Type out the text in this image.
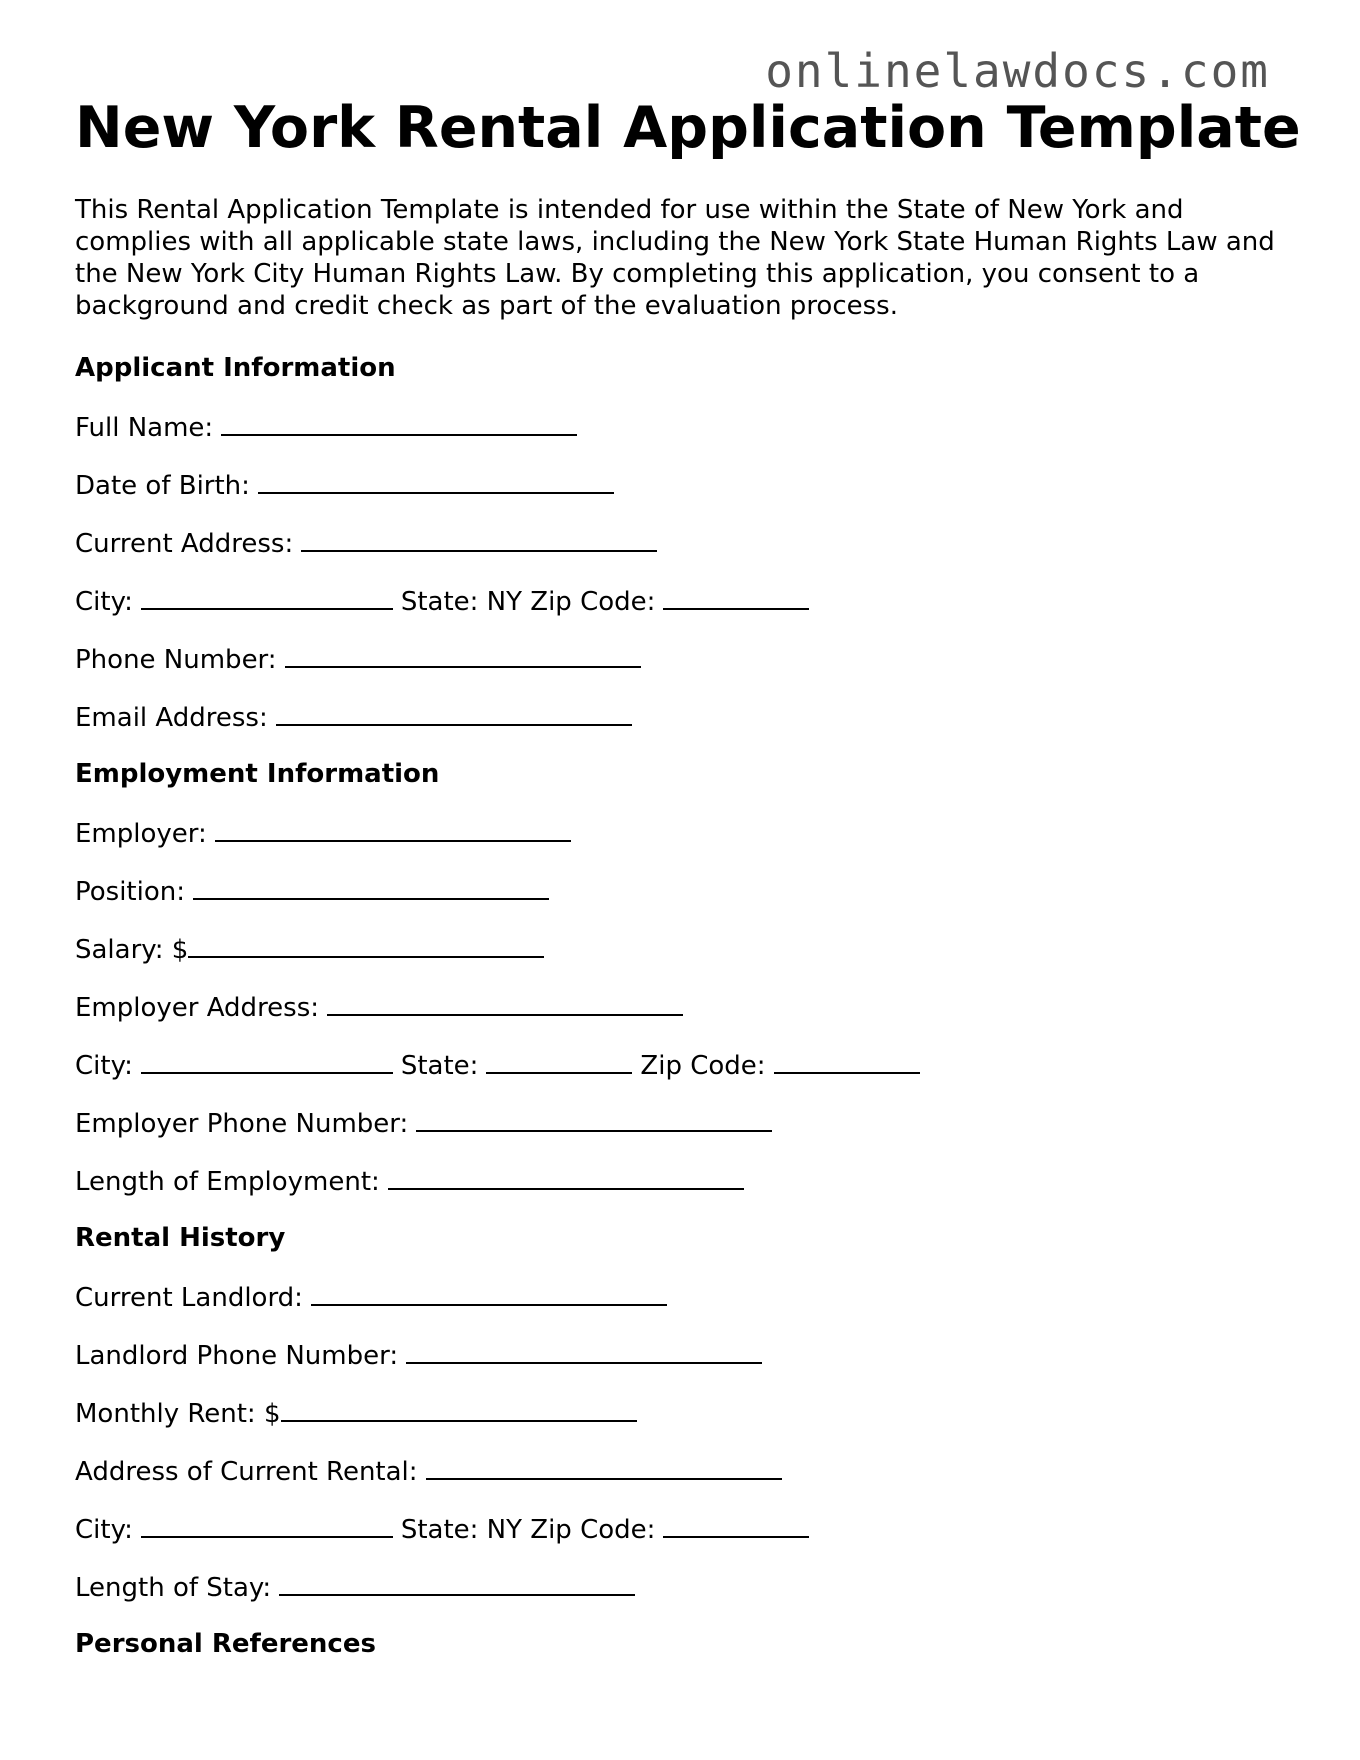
onlinelawdocs.com
New York Rental Application Template

This Rental Application Template is intended for use within the State of New York and complies with all applicable state laws, including the New York State Human Rights Law and the New York City Human Rights Law. By completing this application, you consent to a background and credit check as part of the evaluation process.

Applicant Information
Full Name:
Date of Birth:
Current Address:
City:	State: NY Zip Code:
Phone Number:
Email Address:
Employment Information
Employer:
Position:
Salary: $
Employer Address:
City:	State:	Zip Code:
Employer Phone Number:
Length of Employment:
Rental History
Current Landlord:
Landlord Phone Number:
Monthly Rent: $
Address of Current Rental:
City:	State: NY Zip Code:
Length of Stay:
Personal References
